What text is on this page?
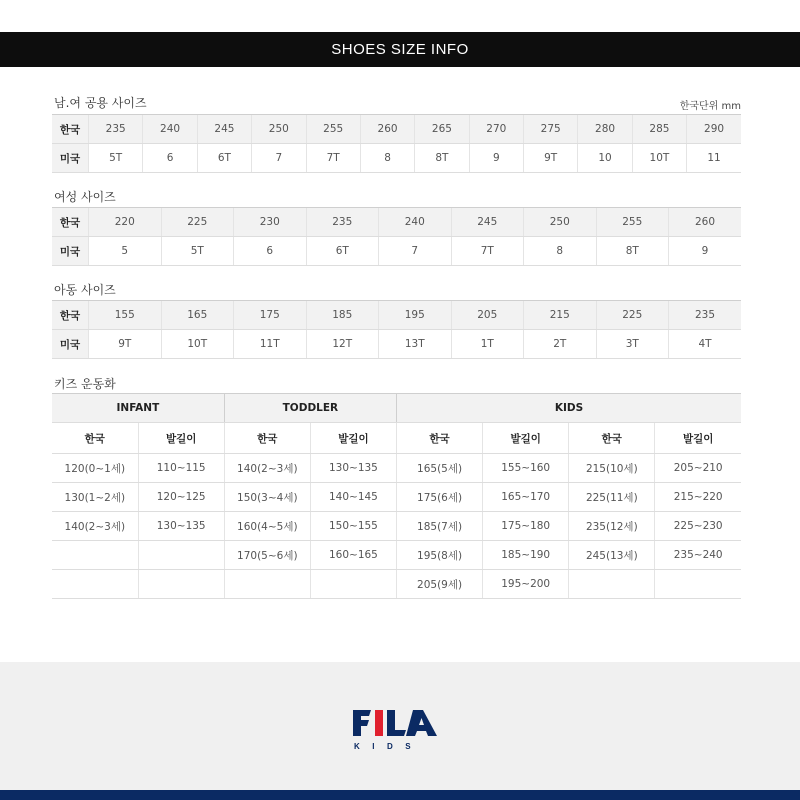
SHOES SIZE INFO
남.여 공용 사이즈	한국단위 mm
한국	235	240	245	250	255	260	265	270	275	280	285	290
미국	5T	6	6T	7	7T	8	8T	9	9T	10	10T	11
여성 사이즈
한국	220	225	230	235	240	245	250	255	260
미국	5	5T	6	6T	7	7T	8	8T	9
아동 사이즈
한국	155	165	175	185	195	205	215	225	235
미국	9T	10T	11T	12T	13T	1T	2T	3T	4T
키즈 운동화
INFANT		TODDLER		KIDS			
한국	발길이	한국	발길이	한국	발길이	한국	발길이
120(0~1세)	110~115	140(2~3세)	130~135	165(5세)	155~160	215(10세)	205~210
130(1~2세)	120~125	150(3~4세)	140~145	175(6세)	165~170	225(11세)	215~220
140(2~3세)	130~135	160(4~5세)	150~155	185(7세)	175~180	235(12세)	225~230
		170(5~6세)	160~165	195(8세)	185~190	245(13세)	235~240
				205(9세)	195~200		
KIDS
